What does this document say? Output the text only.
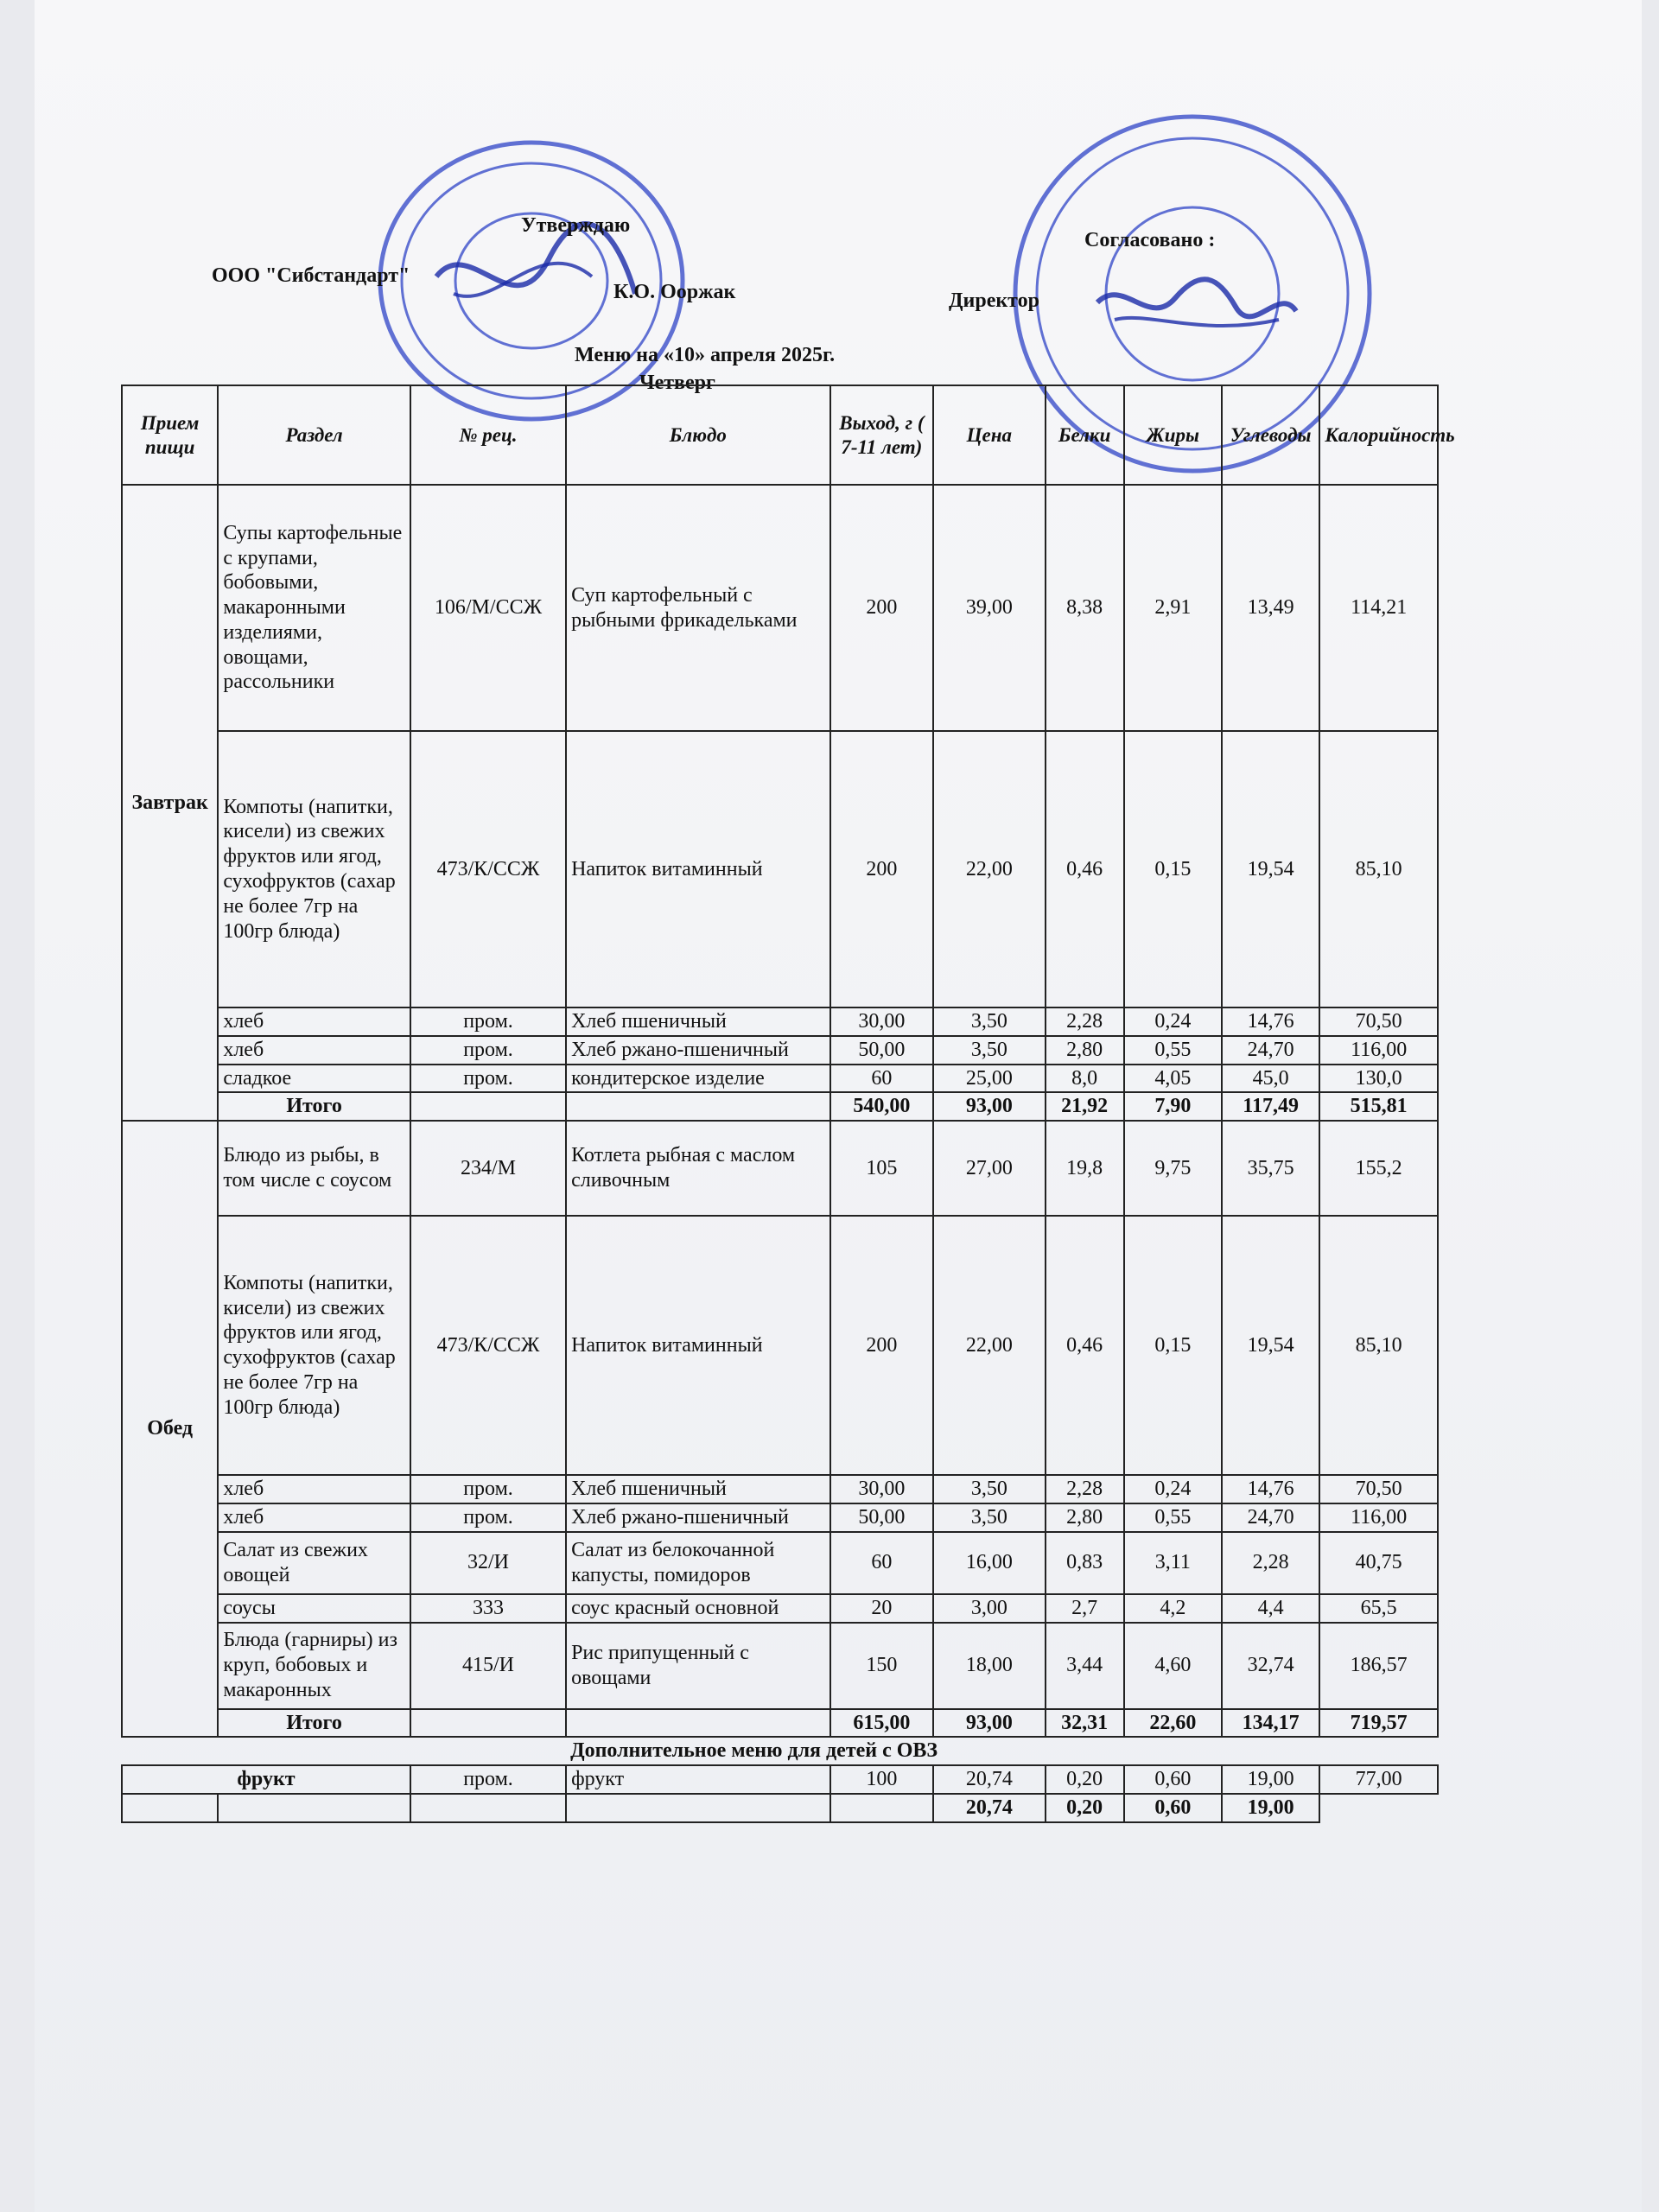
Утверждаю
ООО "Сибстандарт"
К.О. Ооржак
Согласовано :
Директор
Меню на «10» апреля 2025г.
Четверг
Прием пищи	Раздел	№ рец.	Блюдо	Выход, г ( 7-11 лет)	Цена	Белки	Жиры	Углеводы	Калорийность
Завтрак	Супы картофельные с крупами, бобовыми, макаронными изделиями, овощами, рассольники	106/М/ССЖ	Суп картофельный с рыбными фрикадельками	200	39,00	8,38	2,91	13,49	114,21
	Компоты (напитки, кисели) из свежих фруктов или ягод, сухофруктов (сахар не более 7гр на 100гр блюда)	473/К/ССЖ	Напиток витаминный	200	22,00	0,46	0,15	19,54	85,10
	хлеб	пром.	Хлеб пшеничный	30,00	3,50	2,28	0,24	14,76	70,50
	хлеб	пром.	Хлеб ржано-пшеничный	50,00	3,50	2,80	0,55	24,70	116,00
	сладкое	пром.	кондитерское изделие	60	25,00	8,0	4,05	45,0	130,0
	Итого			540,00	93,00	21,92	7,90	117,49	515,81
Обед	Блюдо из рыбы, в том числе с соусом	234/М	Котлета рыбная с маслом сливочным	105	27,00	19,8	9,75	35,75	155,2
	Компоты (напитки, кисели) из свежих фруктов или ягод, сухофруктов (сахар не более 7гр на 100гр блюда)	473/К/ССЖ	Напиток витаминный	200	22,00	0,46	0,15	19,54	85,10
	хлеб	пром.	Хлеб пшеничный	30,00	3,50	2,28	0,24	14,76	70,50
	хлеб	пром.	Хлеб ржано-пшеничный	50,00	3,50	2,80	0,55	24,70	116,00
	Салат из свежих овощей	32/И	Салат из белокочанной капусты, помидоров	60	16,00	0,83	3,11	2,28	40,75
	соусы	333	соус красный основной	20	3,00	2,7	4,2	4,4	65,5
	Блюда (гарниры) из круп, бобовых и макаронных	415/И	Рис припущенный с овощами	150	18,00	3,44	4,60	32,74	186,57
	Итого			615,00	93,00	32,31	22,60	134,17	719,57
			Дополнительное меню для детей с ОВЗ						
фрукт		пром.	фрукт	100	20,74	0,20	0,60	19,00	77,00
					20,74	0,20	0,60	19,00	
